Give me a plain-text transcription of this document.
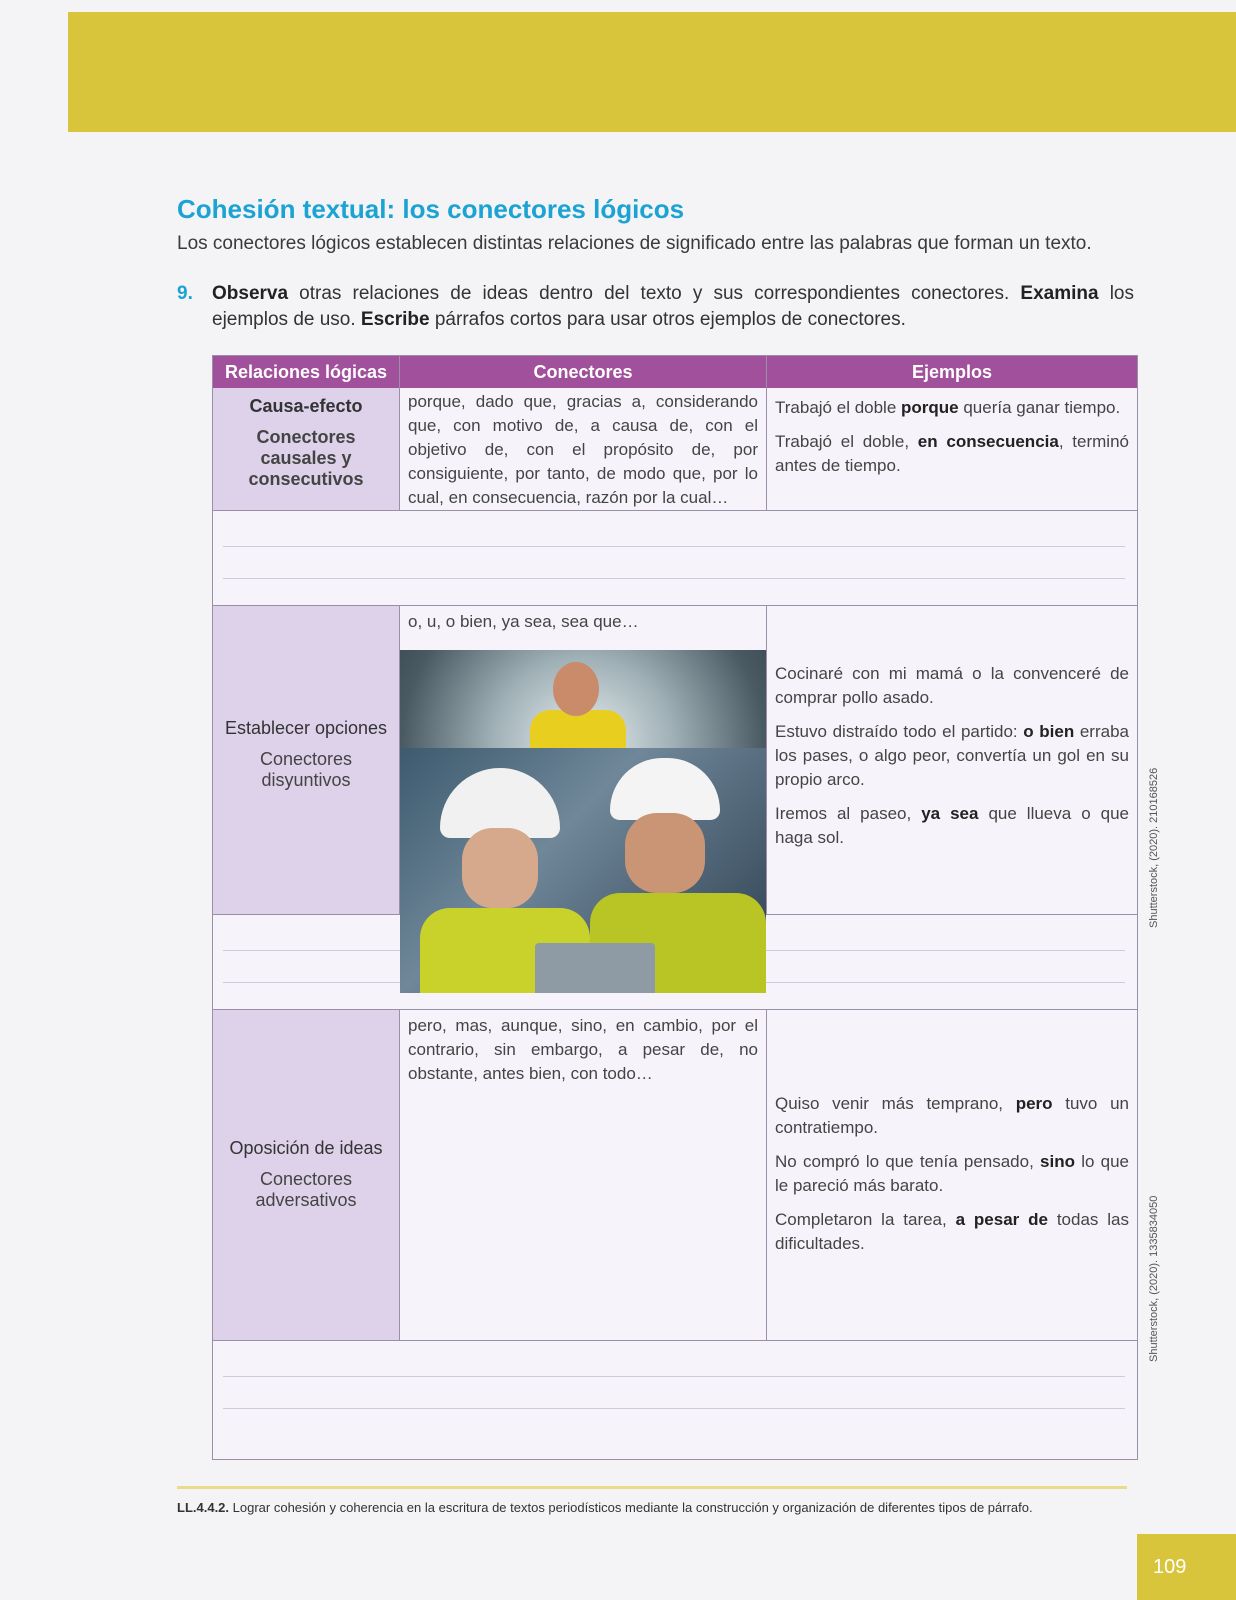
Cohesión textual: los conectores lógicos
Los conectores lógicos establecen distintas relaciones de significado entre las palabras que forman un texto.
9. Observa otras relaciones de ideas dentro del texto y sus correspondientes conectores. Examina los ejemplos de uso. Escribe párrafos cortos para usar otros ejemplos de conectores.
Relaciones lógicas	Conectores	Ejemplos
Causa-efecto
Conectores causales y consecutivos
porque, dado que, gracias a, considerando que, con motivo de, a causa de, con el objetivo de, con el propósito de, por consiguiente, por tanto, de modo que, por lo cual, en consecuencia, razón por la cual…
Trabajó el doble porque quería ganar tiempo.
Trabajó el doble, en consecuencia, terminó antes de tiempo.
Establecer opciones
Conectores disyuntivos
o, u, o bien, ya sea, sea que…
Cocinaré con mi mamá o la convenceré de comprar pollo asado.
Estuvo distraído todo el partido: o bien erraba los pases, o algo peor, convertía un gol en su propio arco.
Iremos al paseo, ya sea que llueva o que haga sol.
Oposición de ideas
Conectores adversativos
pero, mas, aunque, sino, en cambio, por el contrario, sin embargo, a pesar de, no obstante, antes bien, con todo…
Quiso venir más temprano, pero tuvo un contratiempo.
No compró lo que tenía pensado, sino lo que le pareció más barato.
Completaron la tarea, a pesar de todas las dificultades.
Shutterstock, (2020). 210168526
Shutterstock, (2020). 1335834050
LL.4.4.2. Lograr cohesión y coherencia en la escritura de textos periodísticos mediante la construcción y organización de diferentes tipos de párrafo.
109
